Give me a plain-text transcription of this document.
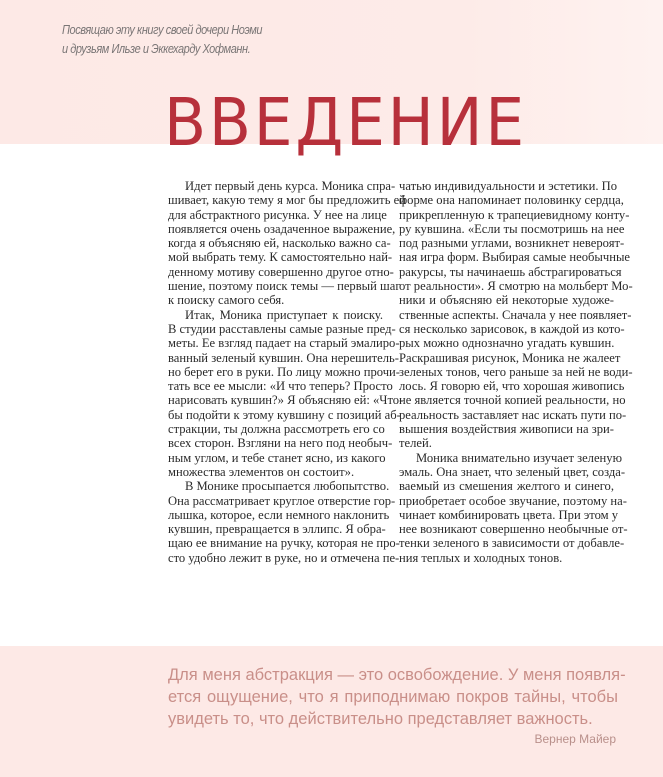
Посвящаю эту книгу своей дочери Ноэми
и друзьям Ильзе и Эккехарду Хофманн.
ВВЕДЕНИЕ
Идет первый день курса. Моника спра-
шивает, какую тему я мог бы предложить ей
для абстрактного рисунка. У нее на лице
появляется очень озадаченное выражение,
когда я объясняю ей, насколько важно са-
мой выбрать тему. К самостоятельно най-
денному мотиву совершенно другое отно-
шение, поэтому поиск темы — первый шаг
к поиску самого себя.
Итак, Моника приступает к поиску.
В студии расставлены самые разные пред-
меты. Ее взгляд падает на старый эмалиро-
ванный зеленый кувшин. Она нерешитель-
но берет его в руки. По лицу можно прочи-
тать все ее мысли: «И что теперь? Просто
нарисовать кувшин?» Я объясняю ей: «Что-
бы подойти к этому кувшину с позиций аб-
стракции, ты должна рассмотреть его со
всех сторон. Взгляни на него под необыч-
ным углом, и тебе станет ясно, из какого
множества элементов он состоит».
В Монике просыпается любопытство.
Она рассматривает круглое отверстие гор-
лышка, которое, если немного наклонить
кувшин, превращается в эллипс. Я обра-
щаю ее внимание на ручку, которая не про-
сто удобно лежит в руке, но и отмечена пе-
чатью индивидуальности и эстетики. По
форме она напоминает половинку сердца,
прикрепленную к трапециевидному конту-
ру кувшина. «Если ты посмотришь на нее
под разными углами, возникнет невероят-
ная игра форм. Выбирая самые необычные
ракурсы, ты начинаешь абстрагироваться
от реальности». Я смотрю на мольберт Мо-
ники и объясняю ей некоторые художе-
ственные аспекты. Сначала у нее появляет-
ся несколько зарисовок, в каждой из кото-
рых можно однозначно угадать кувшин.
Раскрашивая рисунок, Моника не жалеет
зеленых тонов, чего раньше за ней не води-
лось. Я говорю ей, что хорошая живопись
не является точной копией реальности, но
реальность заставляет нас искать пути по-
вышения воздействия живописи на зри-
телей.
Моника внимательно изучает зеленую
эмаль. Она знает, что зеленый цвет, созда-
ваемый из смешения желтого и синего,
приобретает особое звучание, поэтому на-
чинает комбинировать цвета. При этом у
нее возникают совершенно необычные от-
тенки зеленого в зависимости от добавле-
ния теплых и холодных тонов.
Для меня абстракция — это освобождение. У меня появля-
ется ощущение, что я приподнимаю покров тайны, чтобы
увидеть то, что действительно представляет важность.
Вернер Майер
